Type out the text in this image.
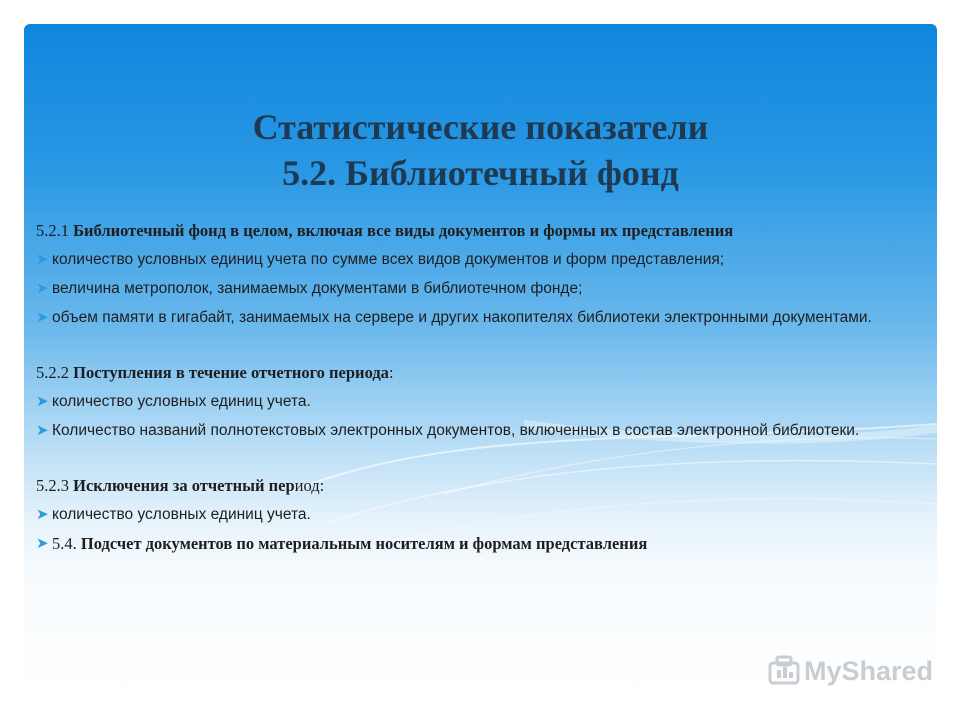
Статистические показатели
5.2. Библиотечный фонд
5.2.1 Библиотечный фонд в целом, включая все виды документов и формы их представления
➤ количество условных единиц учета по сумме всех видов документов и форм представления;
➤ величина метрополок, занимаемых документами в библиотечном фонде;
➤ объем памяти в гигабайт, занимаемых на сервере и других накопителях библиотеки электронными документами.
5.2.2 Поступления в течение отчетного периода:
➤ количество условных единиц учета.
➤ Количество названий полнотекстовых электронных документов, включенных в состав электронной библиотеки.
5.2.3 Исключения за отчетный период:
➤ количество условных единиц учета.
➤ 5.4. Подсчет документов по материальным носителям и формам представления
MyShared
